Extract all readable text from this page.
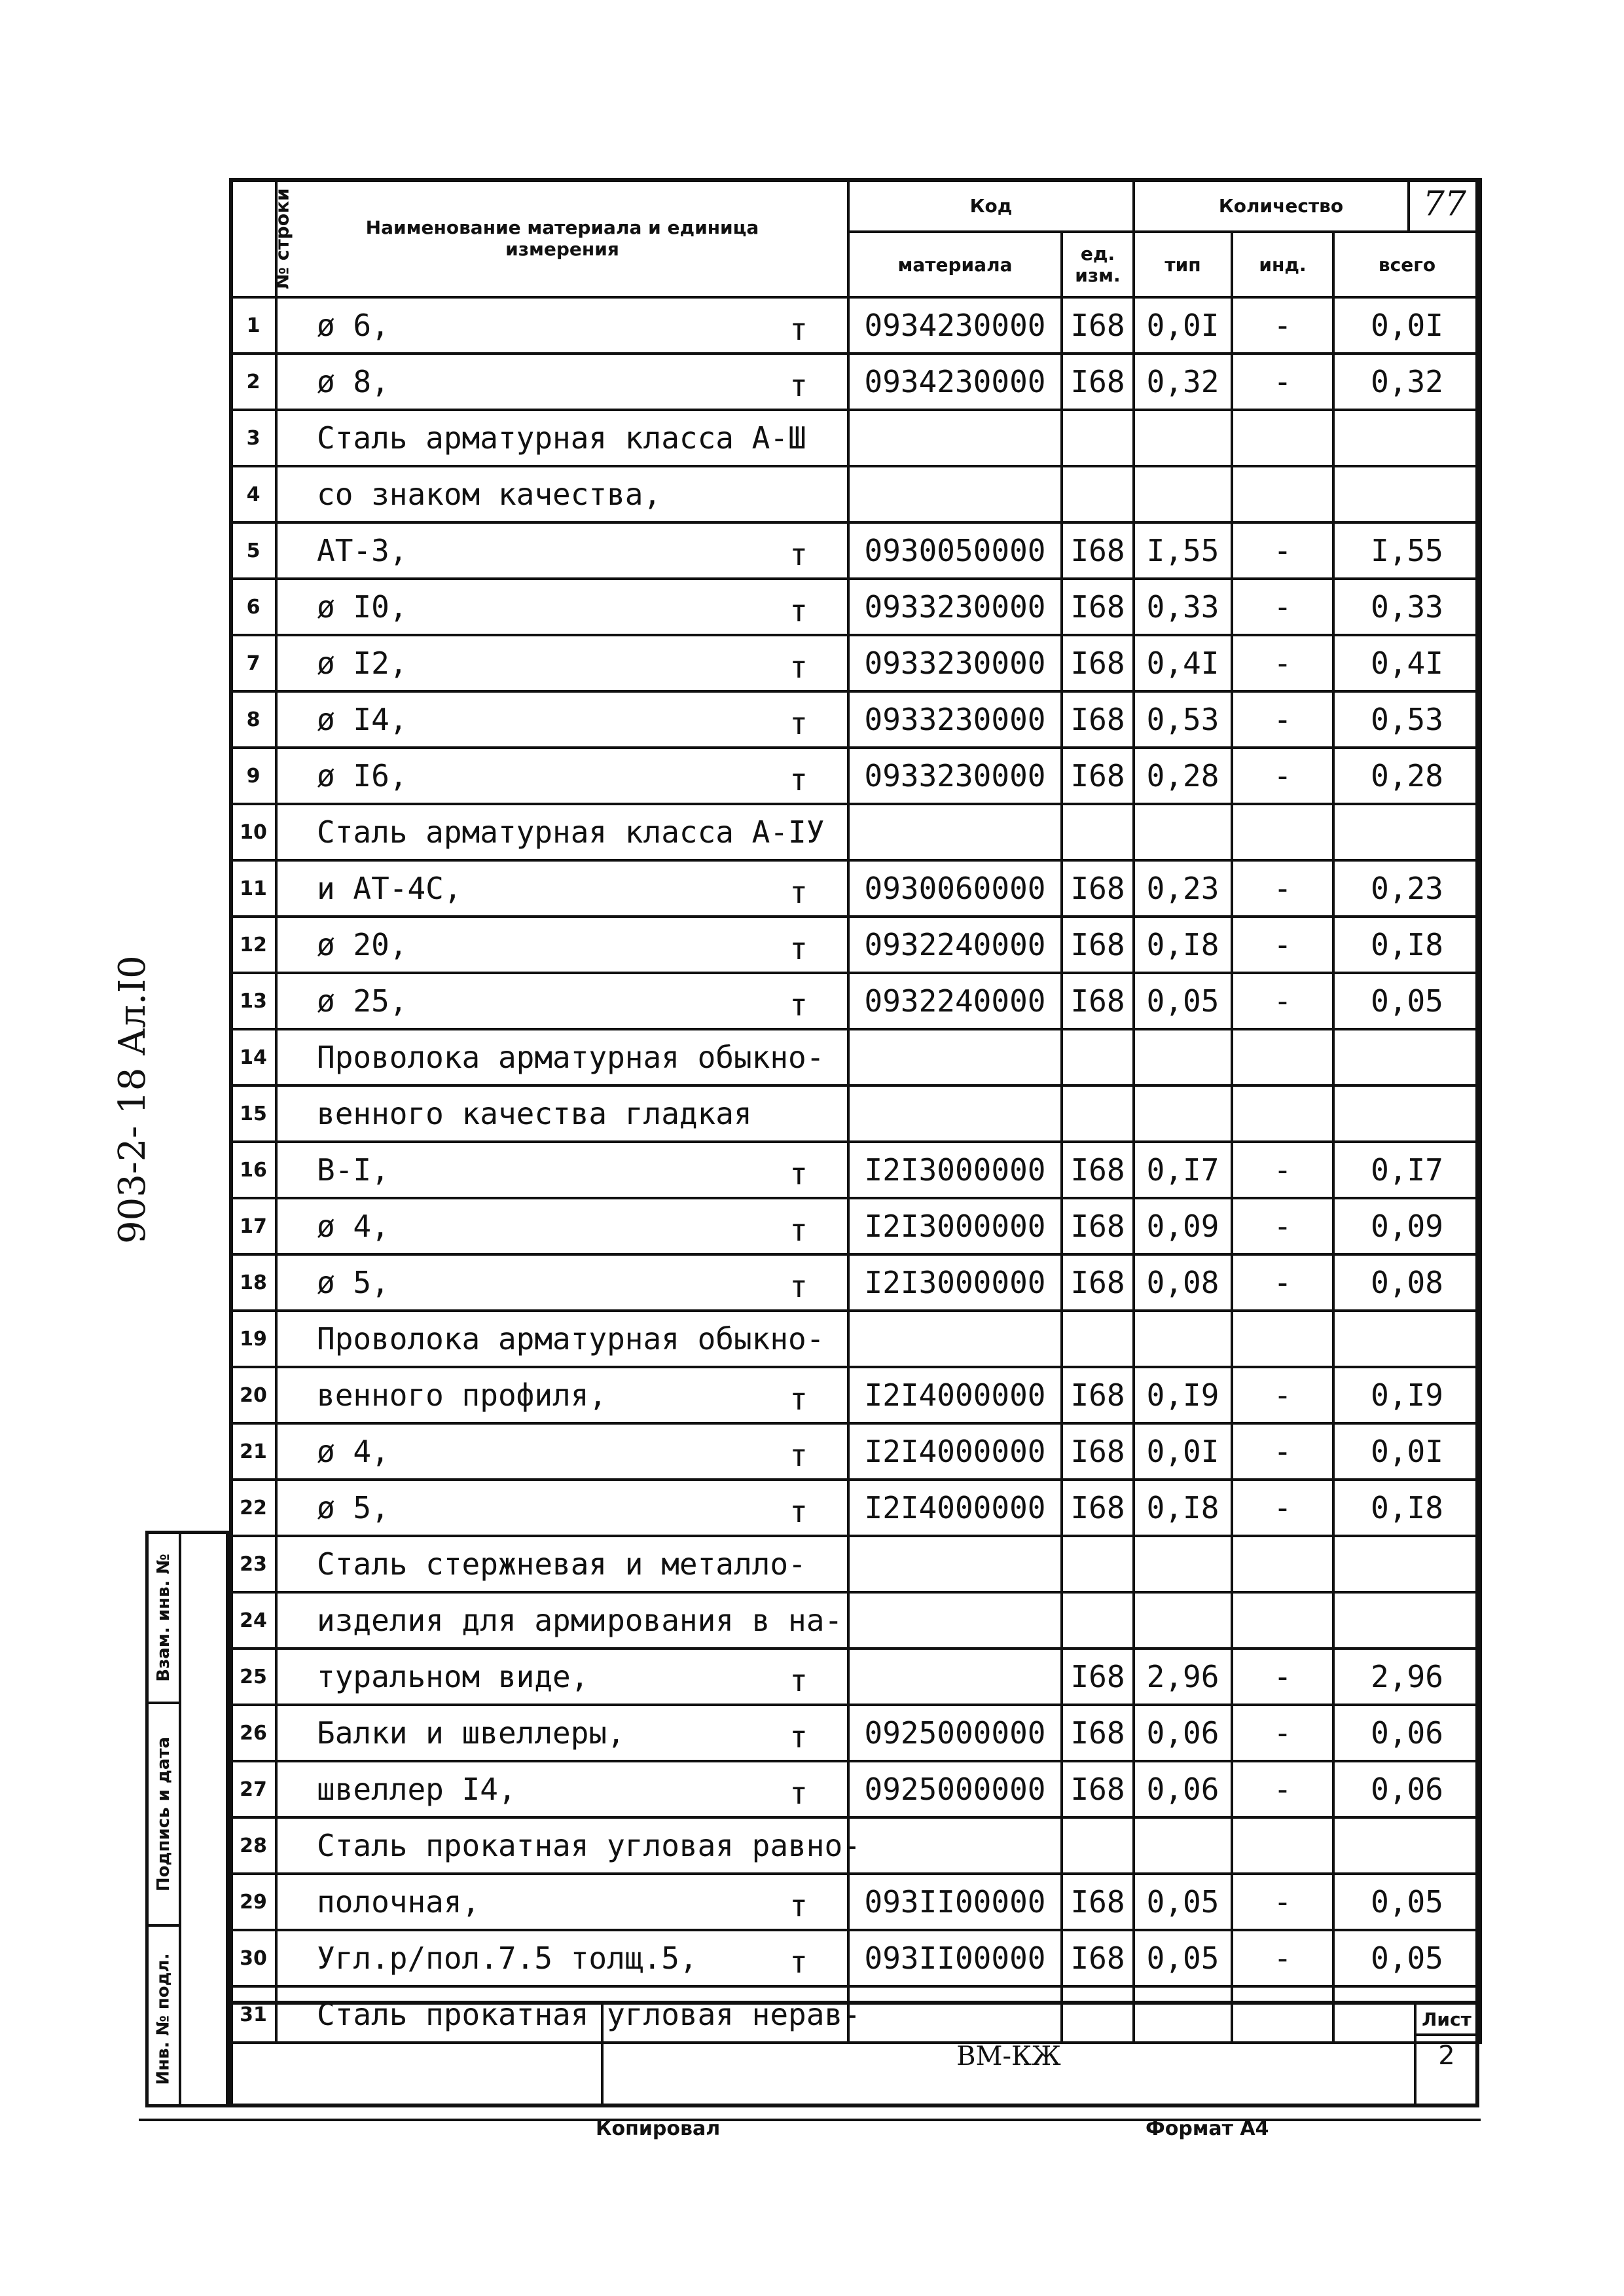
77
№ строки	Наименование материала и единица измерения	Код		Количество		
		материала	ед. изм.	тип	инд.	всего
1	ø 6, т	0934230000	I68	0,0I	-	0,0I
2	ø 8, т	0934230000	I68	0,32	-	0,32
3	Сталь арматурная класса А-Ш

4	со знаком качества,

5	АТ-3, т	0930050000	I68	I,55	-	I,55
6	ø I0, т	0933230000	I68	0,33	-	0,33
7	ø I2, т	0933230000	I68	0,4I	-	0,4I
8	ø I4, т	0933230000	I68	0,53	-	0,53
9	ø I6, т	0933230000	I68	0,28	-	0,28
10	Сталь арматурная класса А-IУ

11	и АТ-4С, т	0930060000	I68	0,23	-	0,23
12	ø 20, т	0932240000	I68	0,I8	-	0,I8
13	ø 25, т	0932240000	I68	0,05	-	0,05
14	Проволока арматурная обыкно-

15	венного качества гладкая

16	В-I, т	I2I3000000	I68	0,I7	-	0,I7
17	ø 4, т	I2I3000000	I68	0,09	-	0,09
18	ø 5, т	I2I3000000	I68	0,08	-	0,08
19	Проволока арматурная обыкно-

20	венного профиля, т	I2I4000000	I68	0,I9	-	0,I9
21	ø 4, т	I2I4000000	I68	0,0I	-	0,0I
22	ø 5, т	I2I4000000	I68	0,I8	-	0,I8
23	Сталь стержневая и металло-

24	изделия для армирования в на-

25	туральном виде, т		I68	2,96	-	2,96
26	Балки и швеллеры, т	0925000000	I68	0,06	-	0,06
27	швеллер I4, т	0925000000	I68	0,06	-	0,06
28	Сталь прокатная угловая равно-

29	полочная, т	093II00000	I68	0,05	-	0,05
30	Угл.р/пол.7.5 толщ.5, т	093II00000	I68	0,05	-	0,05
31	Сталь прокатная угловая нерав-

ВМ-КЖ
Лист
2
Взам. инв. №
Подпись и дата
Инв. № подл.
903-2- 18 Ал.I0
Копировал	Формат А4
